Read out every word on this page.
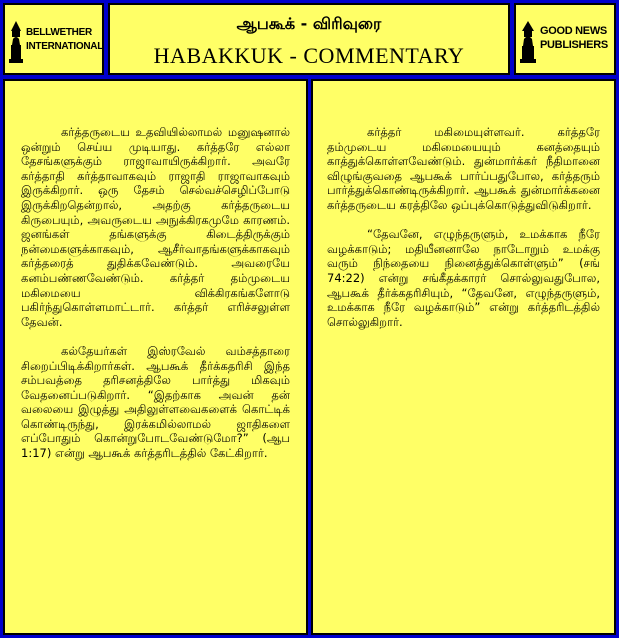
BELLWETHER
INTERNATIONAL
ஆபகூக் - விரிவுரை
HABAKKUK - COMMENTARY
GOOD NEWS
PUBLISHERS

கர்த்தருடைய உதவியில்லாமல் மனுஷனால் ஒன்றும் செய்ய முடியாது. கர்த்தரே எல்லா தேசங்களுக்கும் ராஜாவாயிருக்கிறார். அவரே கர்த்தாதி கர்த்தாவாகவும் ராஜாதி ராஜாவாகவும் இருக்கிறார். ஒரு தேசம் செல்வச்செழிப்போடு இருக்கிறதென்றால், அதற்கு கர்த்தருடைய கிருபையும், அவருடைய அநுக்கிரகமுமே காரணம். ஜனங்கள் தங்களுக்கு கிடைத்திருக்கும் நன்மைகளுக்காகவும், ஆசீர்வாதங்களுக்காகவும் கர்த்தரைத் துதிக்கவேண்டும். அவரையே கனம்பண்ணவேண்டும். கர்த்தர் தம்முடைய மகிமையை விக்கிரகங்களோடு பகிர்ந்துகொள்ளமாட்டார். கர்த்தர் எரிச்சலுள்ள தேவன்.

கல்தேயர்கள் இஸ்ரவேல் வம்சத்தாரை சிறைப்பிடிக்கிறார்கள். ஆபகூக் தீர்க்கதரிசி இந்த சம்பவத்தை தரிசனத்திலே பார்த்து மிகவும் வேதனைப்படுகிறார். “இதற்காக அவன் தன் வலையை இழுத்து அதிலுள்ளவைகளைக் கொட்டிக் கொண்டிருந்து, இரக்கமில்லாமல் ஜாதிகளை எப்போதும் கொன்றுபோடவேண்டுமோ?” (ஆப 1:17) என்று ஆபகூக் கர்த்தரிடத்தில் கேட்கிறார்.

கர்த்தர் மகிமையுள்ளவர். கர்த்தரே தம்முடைய மகிமையையும் கனத்தையும் காத்துக்கொள்ளவேண்டும். துன்மார்க்கர் நீதிமானை விழுங்குவதை ஆபகூக் பார்ப்பதுபோல, கர்த்தரும் பார்த்துக்கொண்டிருக்கிறார். ஆபகூக் துன்மார்க்கனை கர்த்தருடைய கரத்திலே ஒப்புக்கொடுத்துவிடுகிறார்.

“தேவனே, எழுந்தருளும், உமக்காக நீரே வழக்காடும்; மதியீனனாலே நாடோறும் உமக்கு வரும் நிந்தையை நினைத்துக்கொள்ளும்” (சங் 74:22) என்று சங்கீதக்காரர் சொல்லுவதுபோல, ஆபகூக் தீர்க்கதரிசியும், “தேவனே, எழுந்தருளும், உமக்காக நீரே வழக்காடும்” என்று கர்த்தரிடத்தில் சொல்லுகிறார்.
